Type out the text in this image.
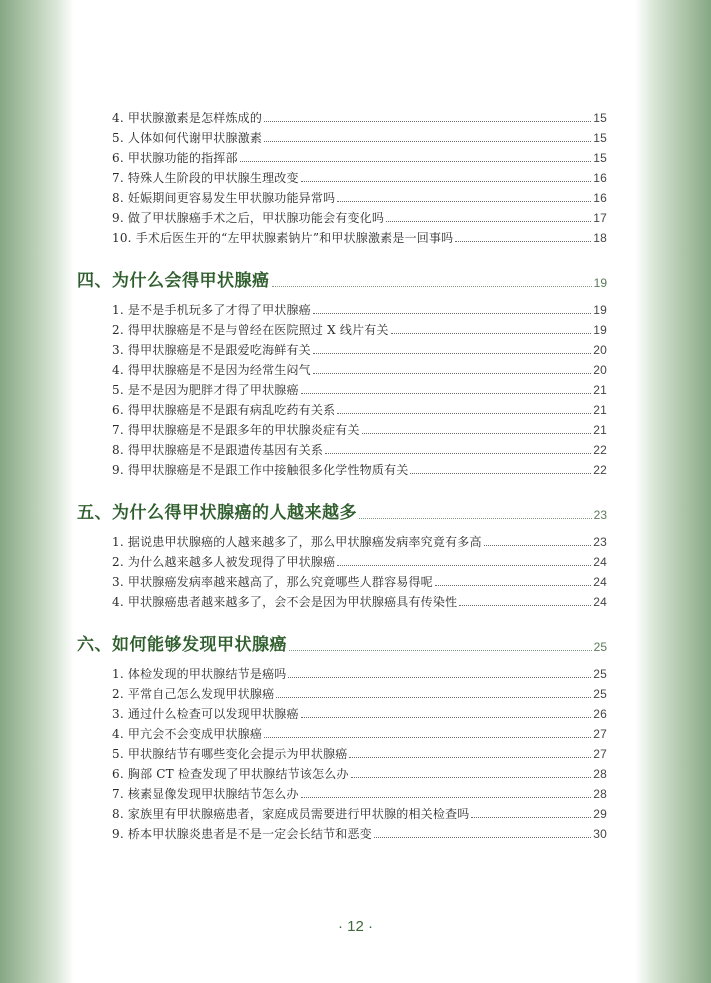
4. 甲状腺激素是怎样炼成的	15
5. 人体如何代谢甲状腺激素	15
6. 甲状腺功能的指挥部	15
7. 特殊人生阶段的甲状腺生理改变	16
8. 妊娠期间更容易发生甲状腺功能异常吗	16
9. 做了甲状腺癌手术之后，甲状腺功能会有变化吗	17
10. 手术后医生开的“左甲状腺素钠片”和甲状腺激素是一回事吗	18
四、为什么会得甲状腺癌	19
1. 是不是手机玩多了才得了甲状腺癌	19
2. 得甲状腺癌是不是与曾经在医院照过 X 线片有关	19
3. 得甲状腺癌是不是跟爱吃海鲜有关	20
4. 得甲状腺癌是不是因为经常生闷气	20
5. 是不是因为肥胖才得了甲状腺癌	21
6. 得甲状腺癌是不是跟有病乱吃药有关系	21
7. 得甲状腺癌是不是跟多年的甲状腺炎症有关	21
8. 得甲状腺癌是不是跟遗传基因有关系	22
9. 得甲状腺癌是不是跟工作中接触很多化学性物质有关	22
五、为什么得甲状腺癌的人越来越多	23
1. 据说患甲状腺癌的人越来越多了，那么甲状腺癌发病率究竟有多高	23
2. 为什么越来越多人被发现得了甲状腺癌	24
3. 甲状腺癌发病率越来越高了，那么究竟哪些人群容易得呢	24
4. 甲状腺癌患者越来越多了，会不会是因为甲状腺癌具有传染性	24
六、如何能够发现甲状腺癌	25
1. 体检发现的甲状腺结节是癌吗	25
2. 平常自己怎么发现甲状腺癌	25
3. 通过什么检查可以发现甲状腺癌	26
4. 甲亢会不会变成甲状腺癌	27
5. 甲状腺结节有哪些变化会提示为甲状腺癌	27
6. 胸部 CT 检查发现了甲状腺结节该怎么办	28
7. 核素显像发现甲状腺结节怎么办	28
8. 家族里有甲状腺癌患者，家庭成员需要进行甲状腺的相关检查吗	29
9. 桥本甲状腺炎患者是不是一定会长结节和恶变	30
· 12 ·
